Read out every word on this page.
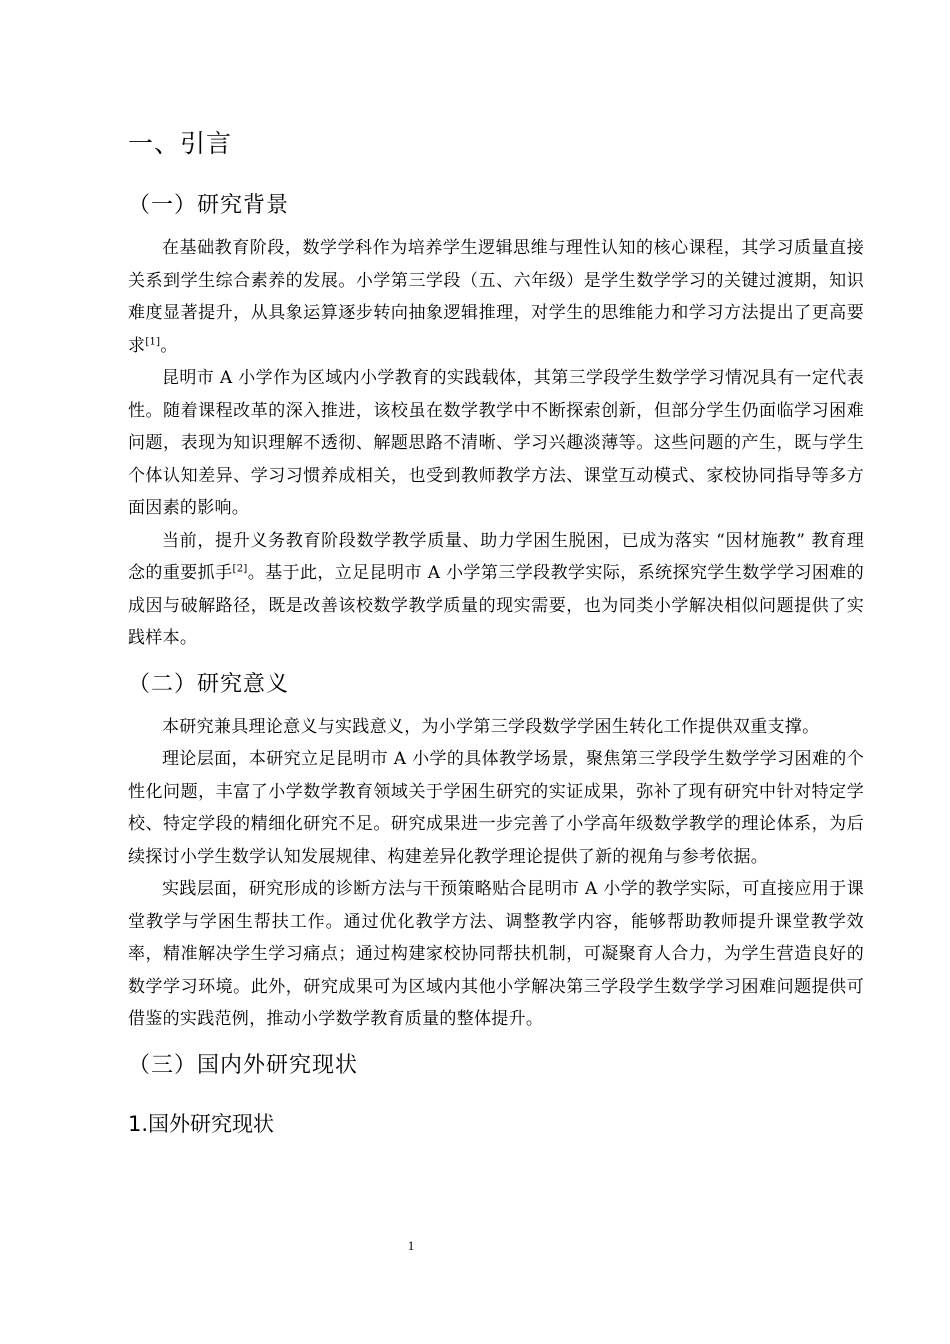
一、引言
（一）研究背景

在基础教育阶段，数学学科作为培养学生逻辑思维与理性认知的核心课程，其学习质量直接关系到学生综合素养的发展。小学第三学段（五、六年级）是学生数学学习的关键过渡期，知识难度显著提升，从具象运算逐步转向抽象逻辑推理，对学生的思维能力和学习方法提出了更高要求[1]。

昆明市 A 小学作为区域内小学教育的实践载体，其第三学段学生数学学习情况具有一定代表性。随着课程改革的深入推进，该校虽在数学教学中不断探索创新，但部分学生仍面临学习困难问题，表现为知识理解不透彻、解题思路不清晰、学习兴趣淡薄等。这些问题的产生，既与学生个体认知差异、学习习惯养成相关，也受到教师教学方法、课堂互动模式、家校协同指导等多方面因素的影响。

当前，提升义务教育阶段数学教学质量、助力学困生脱困，已成为落实 “因材施教” 教育理念的重要抓手[2]。基于此，立足昆明市 A 小学第三学段教学实际，系统探究学生数学学习困难的成因与破解路径，既是改善该校数学教学质量的现实需要，也为同类小学解决相似问题提供了实践样本。

（二）研究意义

本研究兼具理论意义与实践意义，为小学第三学段数学学困生转化工作提供双重支撑。

理论层面，本研究立足昆明市 A 小学的具体教学场景，聚焦第三学段学生数学学习困难的个性化问题，丰富了小学数学教育领域关于学困生研究的实证成果，弥补了现有研究中针对特定学校、特定学段的精细化研究不足。研究成果进一步完善了小学高年级数学教学的理论体系，为后续探讨小学生数学认知发展规律、构建差异化教学理论提供了新的视角与参考依据。

实践层面，研究形成的诊断方法与干预策略贴合昆明市 A 小学的教学实际，可直接应用于课堂教学与学困生帮扶工作。通过优化教学方法、调整教学内容，能够帮助教师提升课堂教学效率，精准解决学生学习痛点；通过构建家校协同帮扶机制，可凝聚育人合力，为学生营造良好的数学学习环境。此外，研究成果可为区域内其他小学解决第三学段学生数学学习困难问题提供可借鉴的实践范例，推动小学数学教育质量的整体提升。

（三）国内外研究现状
1.国外研究现状
1
